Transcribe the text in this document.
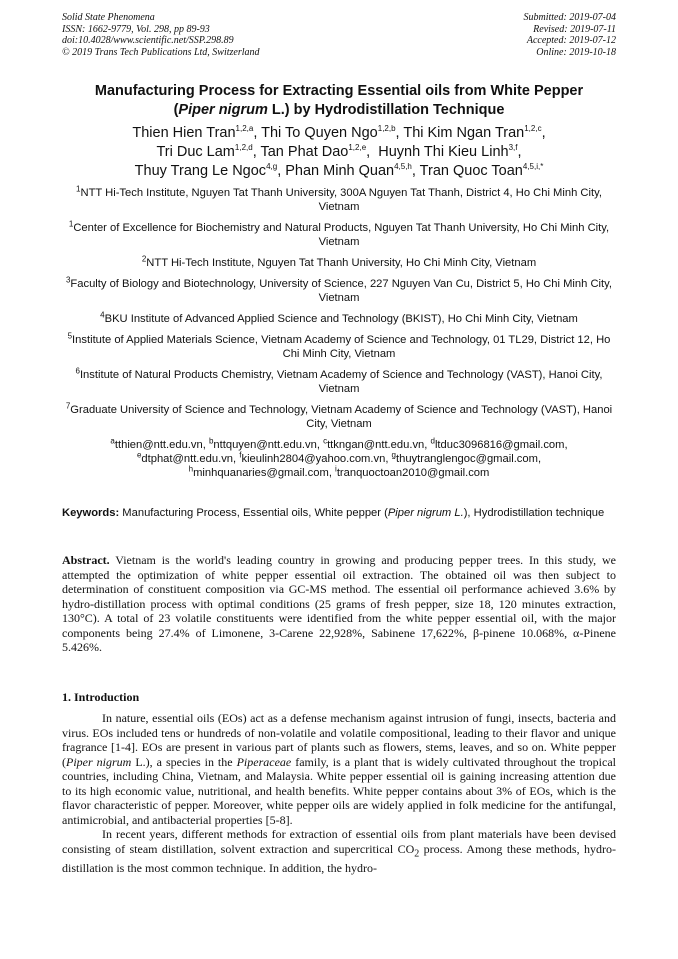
Solid State Phenomena
ISSN: 1662-9779, Vol. 298, pp 89-93
doi:10.4028/www.scientific.net/SSP.298.89
© 2019 Trans Tech Publications Ltd, Switzerland
Submitted: 2019-07-04
Revised: 2019-07-11
Accepted: 2019-07-12
Online: 2019-10-18
Manufacturing Process for Extracting Essential oils from White Pepper
(Piper nigrum L.) by Hydrodistillation Technique
Thien Hien Tran$^{1,2,a}$, Thi To Quyen Ngo$^{1,2,b}$, Thi Kim Ngan Tran$^{1,2,c}$,
Tri Duc Lam$^{1,2,d}$, Tan Phat Dao$^{1,2,e}$,  Huynh Thi Kieu Linh$^{3,f}$,
Thuy Trang Le Ngoc$^{4,g}$, Phan Minh Quan$^{4,5,h}$, Tran Quoc Toan$^{4,5,i,*}$
$^1$NTT Hi-Tech Institute, Nguyen Tat Thanh University, 300A Nguyen Tat Thanh, District 4, Ho Chi Minh City, Vietnam
$^1$Center of Excellence for Biochemistry and Natural Products, Nguyen Tat Thanh University, Ho Chi Minh City, Vietnam
$^2$NTT Hi-Tech Institute, Nguyen Tat Thanh University, Ho Chi Minh City, Vietnam
$^3$Faculty of Biology and Biotechnology, University of Science, 227 Nguyen Van Cu, District 5, Ho Chi Minh City, Vietnam
$^4$BKU Institute of Advanced Applied Science and Technology (BKIST), Ho Chi Minh City, Vietnam
$^5$Institute of Applied Materials Science, Vietnam Academy of Science and Technology, 01 TL29, District 12, Ho Chi Minh City, Vietnam
$^6$Institute of Natural Products Chemistry, Vietnam Academy of Science and Technology (VAST), Hanoi City, Vietnam
$^7$Graduate University of Science and Technology, Vietnam Academy of Science and Technology (VAST), Hanoi City, Vietnam
$^a$tthien@ntt.edu.vn, $^b$nttquyen@ntt.edu.vn, $^c$ttkngan@ntt.edu.vn, $^d$ltduc3096816@gmail.com,
$^e$dtphat@ntt.edu.vn, $^f$kieulinh2804@yahoo.com.vn, $^g$thuytranglengoc@gmail.com,
$^h$minhquanaries@gmail.com, $^i$tranquoctoan2010@gmail.com
Keywords: Manufacturing Process, Essential oils, White pepper (Piper nigrum L.), Hydrodistillation technique
Abstract. Vietnam is the world's leading country in growing and producing pepper trees. In this study, we attempted the optimization of white pepper essential oil extraction. The obtained oil was then subject to determination of constituent composition via GC-MS method. The essential oil performance achieved 3.6% by hydro-distillation process with optimal conditions (25 grams of fresh pepper, size 18, 120 minutes extraction, 130°C). A total of 23 volatile constituents were identified from the white pepper essential oil, with the major components being 27.4% of Limonene, 3-Carene 22,928%, Sabinene 17,622%, β-pinene 10.068%, α-Pinene 5.426%.
1. Introduction

In nature, essential oils (EOs) act as a defense mechanism against intrusion of fungi, insects, bacteria and virus. EOs included tens or hundreds of non-volatile and volatile compositional, leading to their flavor and unique fragrance [1-4]. EOs are present in various part of plants such as flowers, stems, leaves, and so on. White pepper (Piper nigrum L.), a species in the Piperaceae family, is a plant that is widely cultivated throughout the tropical countries, including China, Vietnam, and Malaysia. White pepper essential oil is gaining increasing attention due to its high economic value, nutritional, and health benefits. White pepper contains about 3% of EOs, which is the flavor characteristic of pepper. Moreover, white pepper oils are widely applied in folk medicine for the antifungal, antimicrobial, and antibacterial properties [5-8].

In recent years, different methods for extraction of essential oils from plant materials have been devised consisting of steam distillation, solvent extraction and supercritical $CO_2$ process. Among these methods, hydro-distillation is the most common technique. In addition, the hydro-
